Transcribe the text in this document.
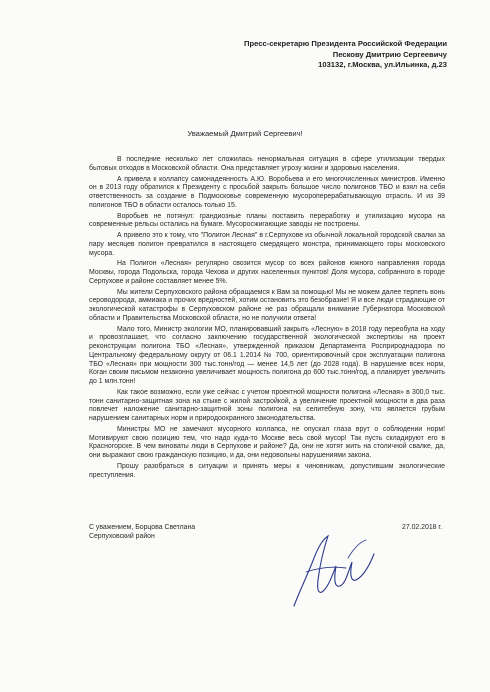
Пресс-секретарю Президента Российской Федерации
Пескову Дмитрию Сергеевичу
103132, г.Москва, ул.Ильинка, д.23
Уважаемый Дмитрий Сергеевич!

В последние несколько лет сложилась ненормальная ситуация в сфере утилизации твердых бытовых отходов в Московской области. Она представляет угрозу жизни и здоровью населения.

А привела к коллапсу самонадеянность А.Ю. Воробьева и его многочисленных министров. Именно он в 2013 году обратился к Президенту с просьбой закрыть большое число полигонов ТБО и взял на себя ответственность за создание в Подмосковье современную мусороперерабатывающую отрасль. И из 39 полигонов ТБО в области осталось только 15.

Воробьев не потянул: грандиозные планы поставить переработку и утилизацию мусора на современные рельсы остались на бумаге. Мусоросжигающие заводы не построены.

А привело это к тому, что "Полигон Лесная" в г.Серпухове из обычной локальной городской свалки за пару месяцев полигон превратился в настоящего смердящего монстра, принимающего горы московского мусора.

На Полигон «Лесная» регулярно свозится мусор со всех районов южного направления города Москвы, города Подольска, города Чехова и других населенных пунктов! Доля мусора, собранного в городе Серпухове и районе составляет менее 5%.

Мы жители Серпуховского района обращаемся к Вам за помощью! Мы не можем далее терпеть вонь сероводорода, аммиака и прочих вредностей, хотим остановить это безобразие! Я и все люди страдающие от экологической катастрофы в Серпуховском районе не раз обращали внимание Губернатора Московской области и Правительства Московской области, но не получили ответа!

Мало того, Министр экологии МО, планировавший закрыть «Лесную» в 2018 году переобула на ходу и провозглашает, что согласно заключению государственной экологической экспертизы на проект реконструкции полигона ТБО «Лесная», утвержденной приказом Департамента Росприроднадзора по Центральному федеральному округу от 06.1 1.2014 № 700, ориентировочный срок эксплуатации полигона ТБО «Лесная» при мощности 300 тыс.тонн/год — менее 14,5 лет (до 2028 года). В нарушение всех норм, Коган своим письмом незаконно увеличивает мощность полигона до 600 тыс.тонн/год, а планирует увеличить до 1 млн.тонн!

Как такое возможно, если уже сейчас с учетом проектной мощности полигона «Лесная» в 300,0 тыс. тонн санитарно-защитная зона на стыке с жилой застройкой, а увеличение проектной мощности в два раза повлечет наложение санитарно-защитной зоны полигона на селитебную зону, что является грубым нарушением санитарных норм и природоохранного законодательства.

Министры МО не замечают мусорного коллапса, не опускал глаза врут о соблюдении норм! Мотивируют свою позицию тем, что надо куда-то Москве весь свой мусор! Так пусть складируют его в Красногорске. В чем виноваты люди в Серпухове и районе? Да, они не хотят жить на столичной свалке, да, они выражают свою гражданскую позицию, и да, они недовольны нарушениями закона.

Прошу разобраться в ситуации и принять меры к чиновникам, допустившим экологические преступления.

С уважением, Борцова Светлана
Серпуховский район
27.02.2018 г.
